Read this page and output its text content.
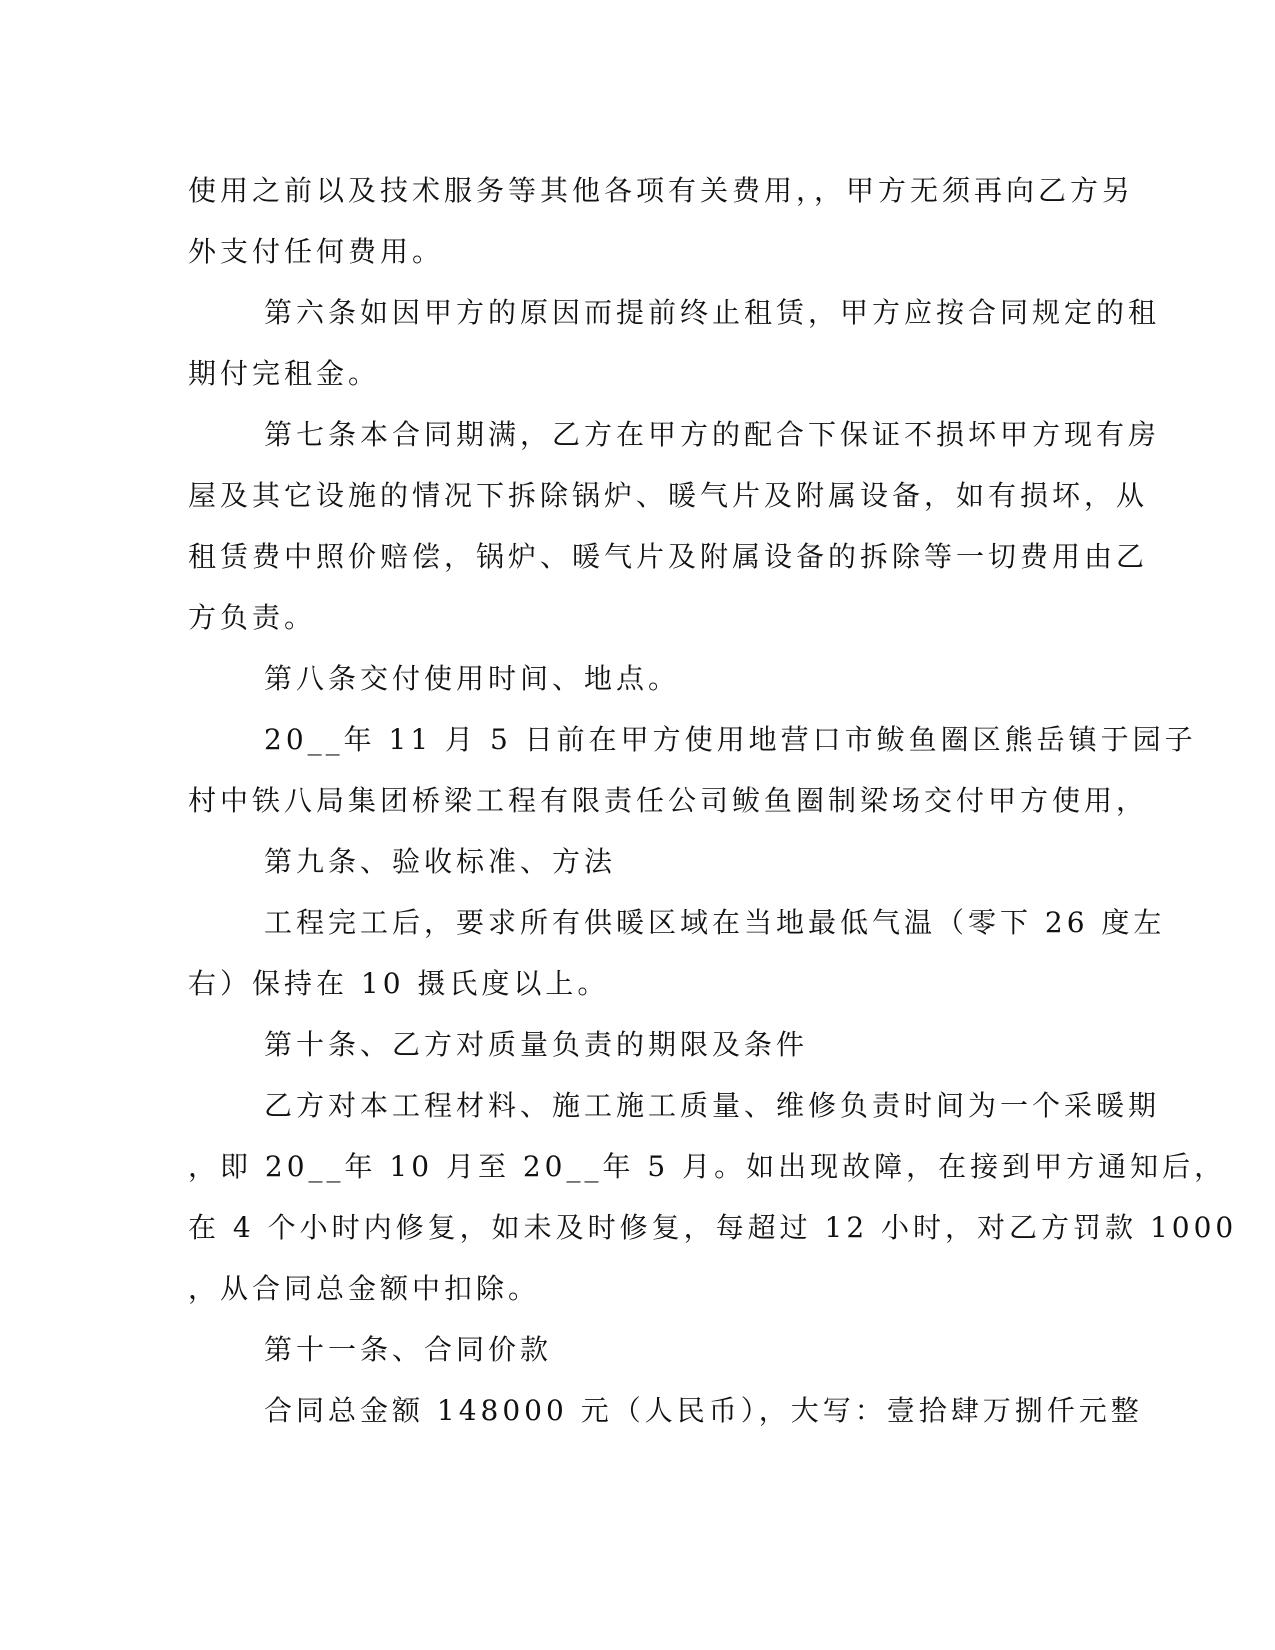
使用之前以及技术服务等其他各项有关费用，，甲方无须再向乙方另
外支付任何费用。
第六条如因甲方的原因而提前终止租赁，甲方应按合同规定的租
期付完租金。
第七条本合同期满，乙方在甲方的配合下保证不损坏甲方现有房
屋及其它设施的情况下拆除锅炉、暖气片及附属设备，如有损坏，从
租赁费中照价赔偿，锅炉、暖气片及附属设备的拆除等一切费用由乙
方负责。
第八条交付使用时间、地点。
20__年 11 月 5 日前在甲方使用地营口市鲅鱼圈区熊岳镇于园子
村中铁八局集团桥梁工程有限责任公司鲅鱼圈制梁场交付甲方使用，
第九条、验收标准、方法
工程完工后，要求所有供暖区域在当地最低气温（零下 26 度左
右）保持在 10 摄氏度以上。
第十条、乙方对质量负责的期限及条件
乙方对本工程材料、施工施工质量、维修负责时间为一个采暖期
，即 20__年 10 月至 20__年 5 月。如出现故障，在接到甲方通知后，
在 4 个小时内修复，如未及时修复，每超过 12 小时，对乙方罚款 1000
，从合同总金额中扣除。
第十一条、合同价款
合同总金额 148000 元（人民币），大写：壹拾肆万捌仟元整
